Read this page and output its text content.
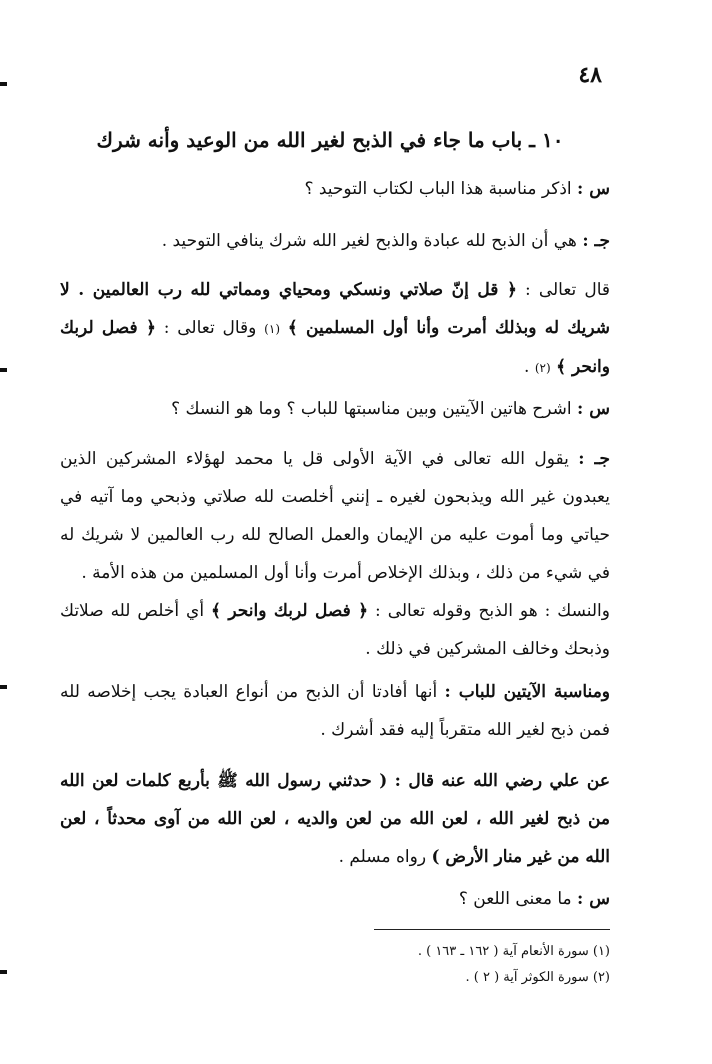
٤٨
١٠ ـ باب ما جاء في الذبح لغير الله من الوعيد وأنه شرك
س : اذكر مناسبة هذا الباب لكتاب التوحيد ؟
جـ : هي أن الذبح لله عبادة والذبح لغير الله شرك ينافي التوحيد .
قال تعالى : ﴿ قل إنّ صلاتي ونسكي ومحياي ومماتي لله رب العالمين . لا شريك له وبذلك أمرت وأنا أول المسلمين ﴾ (١) وقال تعالى : ﴿ فصل لربك وانحر ﴾ (٢) .
س : اشرح هاتين الآيتين وبين مناسبتها للباب ؟ وما هو النسك ؟
جـ : يقول الله تعالى في الآية الأولى قل يا محمد لهؤلاء المشركين الذين يعبدون غير الله ويذبحون لغيره ـ إنني أخلصت لله صلاتي وذبحي وما آتيه في حياتي وما أموت عليه من الإيمان والعمل الصالح لله رب العالمين لا شريك له في شيء من ذلك ، وبذلك الإخلاص أمرت وأنا أول المسلمين من هذه الأمة .
والنسك : هو الذبح وقوله تعالى : ﴿ فصل لربك وانحر ﴾ أي أخلص لله صلاتك وذبحك وخالف المشركين في ذلك .
ومناسبة الآيتين للباب : أنها أفادتا أن الذبح من أنواع العبادة يجب إخلاصه لله فمن ذبح لغير الله متقرباً إليه فقد أشرك .
عن علي رضي الله عنه قال : ( حدثني رسول الله ﷺ بأربع كلمات لعن الله من ذبح لغير الله ، لعن الله من لعن والديه ، لعن الله من آوى محدثاً ، لعن الله من غير منار الأرض ) رواه مسلم .
س : ما معنى اللعن ؟
(١) سورة الأنعام آية ( ١٦٢ ـ ١٦٣ ) .
(٢) سورة الكوثر آية ( ٢ ) .
